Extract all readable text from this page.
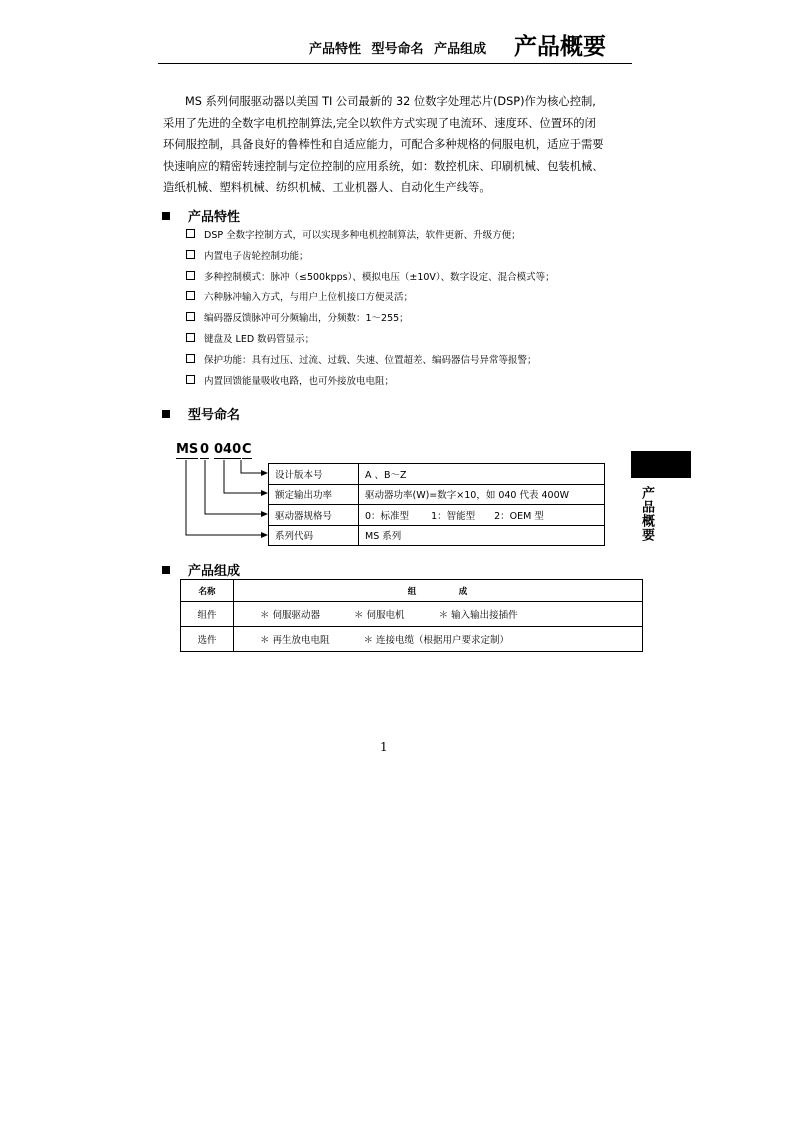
产品特性 型号命名 产品组成 产品概要
MS 系列伺服驱动器以美国 TI 公司最新的 32 位数字处理芯片(DSP)作为核心控制,
采用了先进的全数字电机控制算法,完全以软件方式实现了电流环、速度环、位置环的闭
环伺服控制，具备良好的鲁棒性和自适应能力，可配合多种规格的伺服电机，适应于需要
快速响应的精密转速控制与定位控制的应用系统，如：数控机床、印刷机械、包装机械、
造纸机械、塑料机械、纺织机械、工业机器人、自动化生产线等。
产品特性
DSP 全数字控制方式，可以实现多种电机控制算法，软件更新、升级方便；
内置电子齿轮控制功能；
多种控制模式：脉冲（≤500kpps）、模拟电压（±10V）、数字设定、混合模式等；
六种脉冲输入方式，与用户上位机接口方便灵活；
编码器反馈脉冲可分频输出，分频数：1～255；
键盘及 LED 数码管显示；
保护功能：具有过压、过流、过载、失速、位置超差、编码器信号异常等报警；
内置回馈能量吸收电路，也可外接放电电阻；
型号命名
MS 0 040 C
设计版本号	A 、B～Z
额定输出功率	驱动器功率(W)=数字×10，如 040 代表 400W
驱动器规格号	0：标准型　　 1：智能型　　2：OEM 型
系列代码	MS 系列
产品组成
名称	组　　　　　成
组件	＊ 伺服驱动器 ＊ 伺服电机 ＊ 输入输出接插件
选件	＊ 再生放电电阻 ＊ 连接电缆（根据用户要求定制）
产品概要
1
